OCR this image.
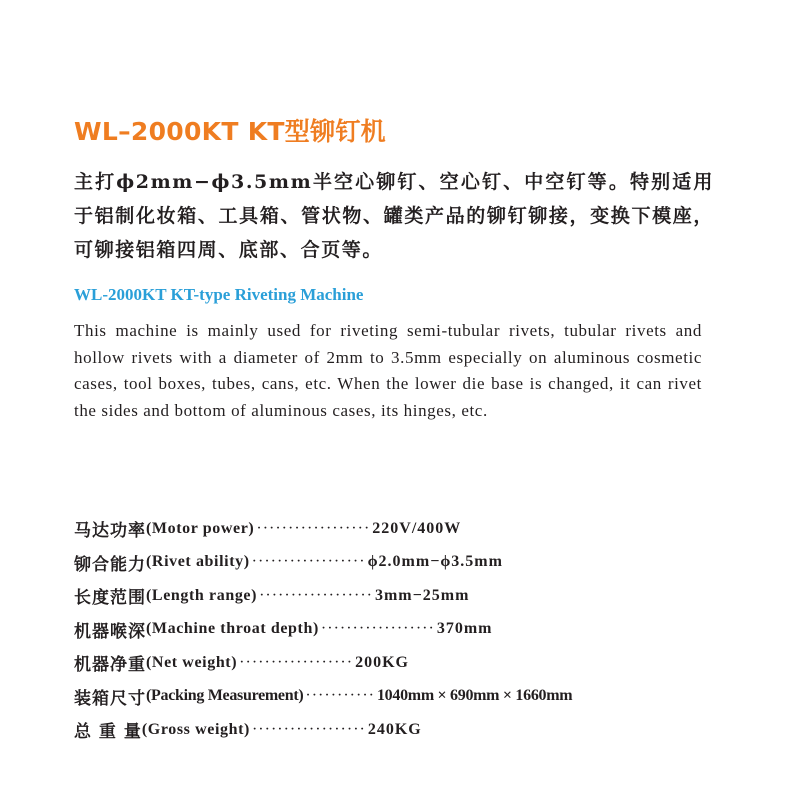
WL–2000KT KT型铆钉机

主打ϕ2mm−ϕ3.5mm半空心铆钉、空心钉、中空钉等。特别适用于铝制化妆箱、工具箱、管状物、罐类产品的铆钉铆接，变换下模座，可铆接铝箱四周、底部、合页等。

WL-2000KT KT-type Riveting Machine

This machine is mainly used for riveting semi-tubular rivets, tubular rivets and hollow rivets with a diameter of 2mm to 3.5mm especially on aluminous cosmetic cases, tool boxes, tubes, cans, etc. When the lower die base is changed, it can rivet the sides and bottom of aluminous cases, its hinges, etc.

马达功率 (Motor power) ·················· 220V/400W
铆合能力 (Rivet ability) ·················· ϕ2.0mm−ϕ3.5mm
长度范围 (Length range) ·················· 3mm−25mm
机器喉深 (Machine throat depth) ·················· 370mm
机器净重 (Net weight) ·················· 200KG
装箱尺寸 (Packing Measurement) ··········· 1040mm × 690mm × 1660mm
总 重 量 (Gross weight) ·················· 240KG
